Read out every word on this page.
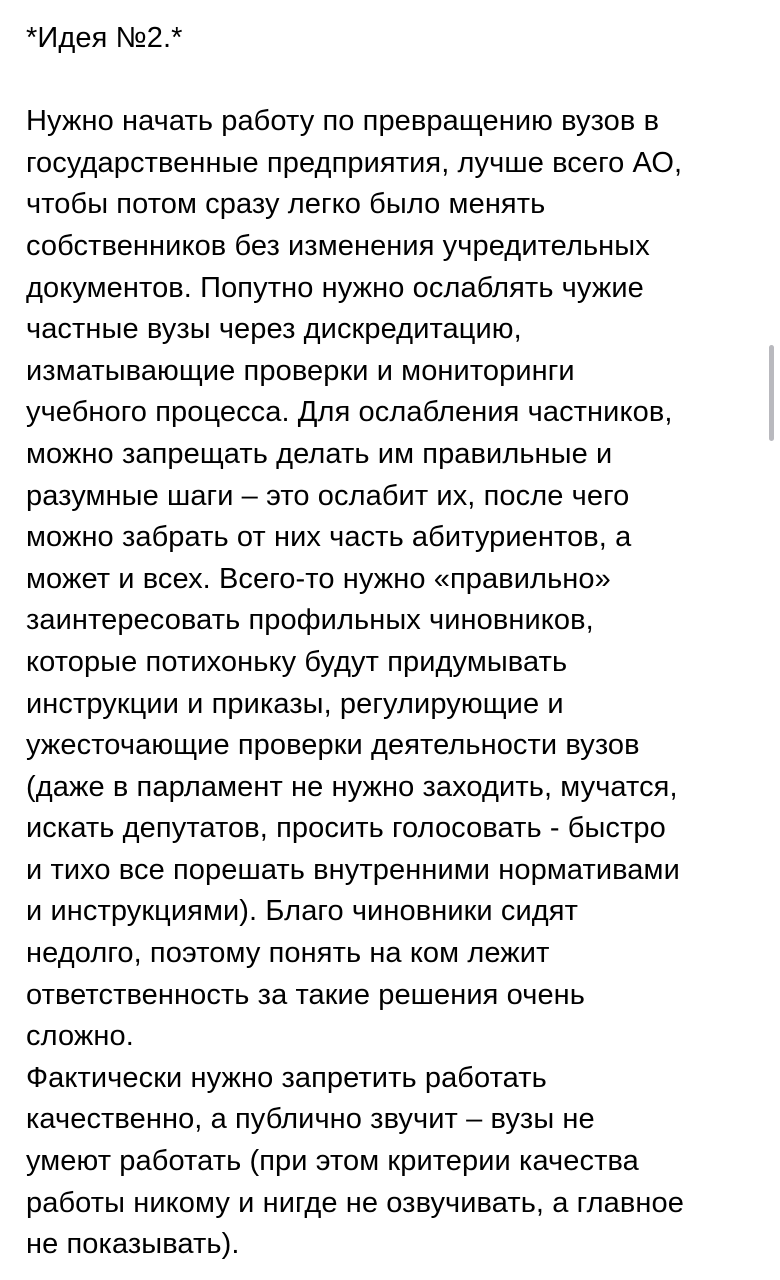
*Идея №2.*
Нужно начать работу по превращению вузов в
государственные предприятия, лучше всего АО,
чтобы потом сразу легко было менять
собственников без изменения учредительных
документов. Попутно нужно ослаблять чужие
частные вузы через дискредитацию,
изматывающие проверки и мониторинги
учебного процесса. Для ослабления частников,
можно запрещать делать им правильные и
разумные шаги – это ослабит их, после чего
можно забрать от них часть абитуриентов, а
может и всех. Всего-то нужно «правильно»
заинтересовать профильных чиновников,
которые потихоньку будут придумывать
инструкции и приказы, регулирующие и
ужесточающие проверки деятельности вузов
(даже в парламент не нужно заходить, мучатся,
искать депутатов, просить голосовать - быстро
и тихо все порешать внутренними нормативами
и инструкциями). Благо чиновники сидят
недолго, поэтому понять на ком лежит
ответственность за такие решения очень
сложно.
Фактически нужно запретить работать
качественно, а публично звучит – вузы не
умеют работать (при этом критерии качества
работы никому и нигде не озвучивать, а главное
не показывать).
